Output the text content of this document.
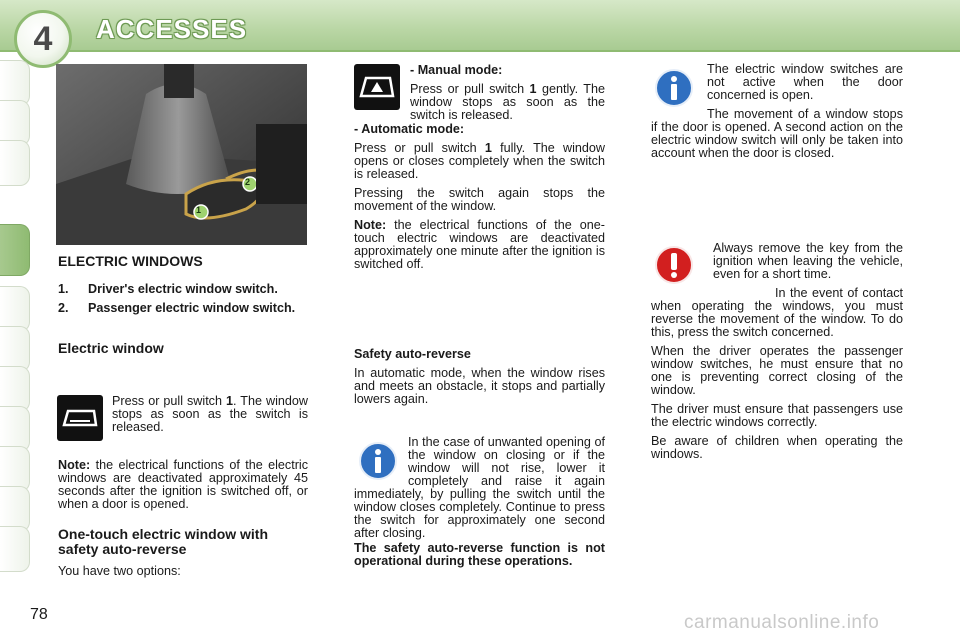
4	ACCESSES
1
2
ELECTRIC WINDOWS
1.	Driver's electric window switch.
2.	Passenger electric window switch.
Electric window

Press or pull switch 1. The window stops as soon as the switch is released.

Note: the electrical functions of the electric windows are deactivated approximately 45 seconds after the ignition is switched off, or when a door is opened.

One-touch electric window with safety auto-reverse

You have two options:

- Manual mode:

Press or pull switch 1 gently. The window stops as soon as the switch is released.

- Automatic mode:

Press or pull switch 1 fully. The window opens or closes completely when the switch is released.

Pressing the switch again stops the movement of the window.

Note: the electrical functions of the one-touch electric windows are deactivated approximately one minute after the ignition is switched off.

Safety auto-reverse

In automatic mode, when the window rises and meets an obstacle, it stops and partially lowers again.

In the case of unwanted opening of the window on closing or if the window will not rise, lower it completely and raise it again immediately, by pulling the switch until the window closes completely. Continue to press the switch for approximately one second after closing.

The safety auto-reverse function is not operational during these operations.

The electric window switches are not active when the door concerned is open.

The movement of a window stops if the door is opened. A second action on the electric window switch will only be taken into account when the door is closed.

Always remove the key from the ignition when leaving the vehicle, even for a short time.

In the event of contact when operating the windows, you must reverse the movement of the window. To do this, press the switch concerned.

When the driver operates the passenger window switches, he must ensure that no one is preventing correct closing of the window.

The driver must ensure that passengers use the electric windows correctly.

Be aware of children when operating the windows.

78	carmanualsonline.info
